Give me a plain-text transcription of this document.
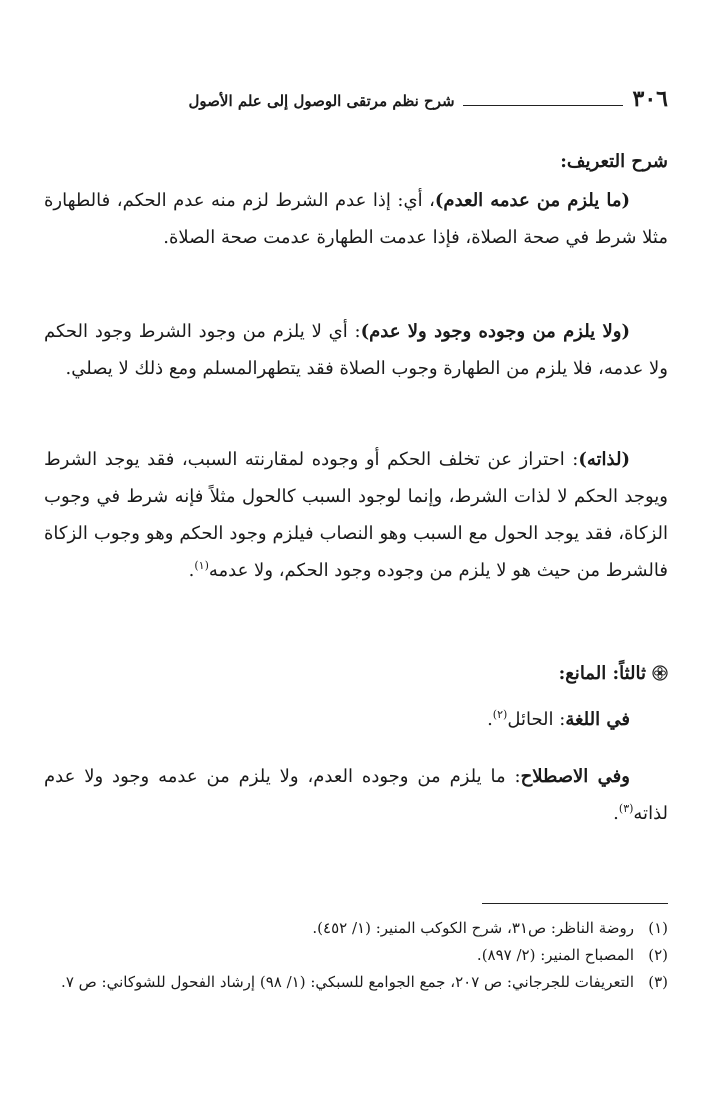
٣٠٦
شرح نظم مرتقى الوصول إلى علم الأصول

شرح التعريف:

(ما يلزم من عدمه العدم)، أي: إذا عدم الشرط لزم منه عدم الحكم، فالطهارة مثلا شرط في صحة الصلاة، فإذا عدمت الطهارة عدمت صحة الصلاة.

(ولا يلزم من وجوده وجود ولا عدم): أي لا يلزم من وجود الشرط وجود الحكم ولا عدمه، فلا يلزم من الطهارة وجوب الصلاة فقد يتطهرالمسلم ومع ذلك لا يصلي.

(لذاته): احتراز عن تخلف الحكم أو وجوده لمقارنته السبب، فقد يوجد الشرط ويوجد الحكم لا لذات الشرط، وإنما لوجود السبب كالحول مثلاً فإنه شرط في وجوب الزكاة، فقد يوجد الحول مع السبب وهو النصاب فيلزم وجود الحكم وهو وجوب الزكاة فالشرط من حيث هو لا يلزم من وجوده وجود الحكم، ولا عدمه$^{(١)}$.

ثالثاً: المانع:

في اللغة: الحائل$^{(٢)}$.

وفي الاصطلاح: ما يلزم من وجوده العدم، ولا يلزم من عدمه وجود ولا عدم لذاته$^{(٣)}$.

(١)
روضة الناظر: ص٣١، شرح الكوكب المنير: (١/ ٤٥٢).
(٢)
المصباح المنير: (٢/ ٨٩٧).
(٣)
التعريفات للجرجاني: ص ٢٠٧، جمع الجوامع للسبكي: (١/ ٩٨) إرشاد الفحول للشوكاني: ص ٧.
